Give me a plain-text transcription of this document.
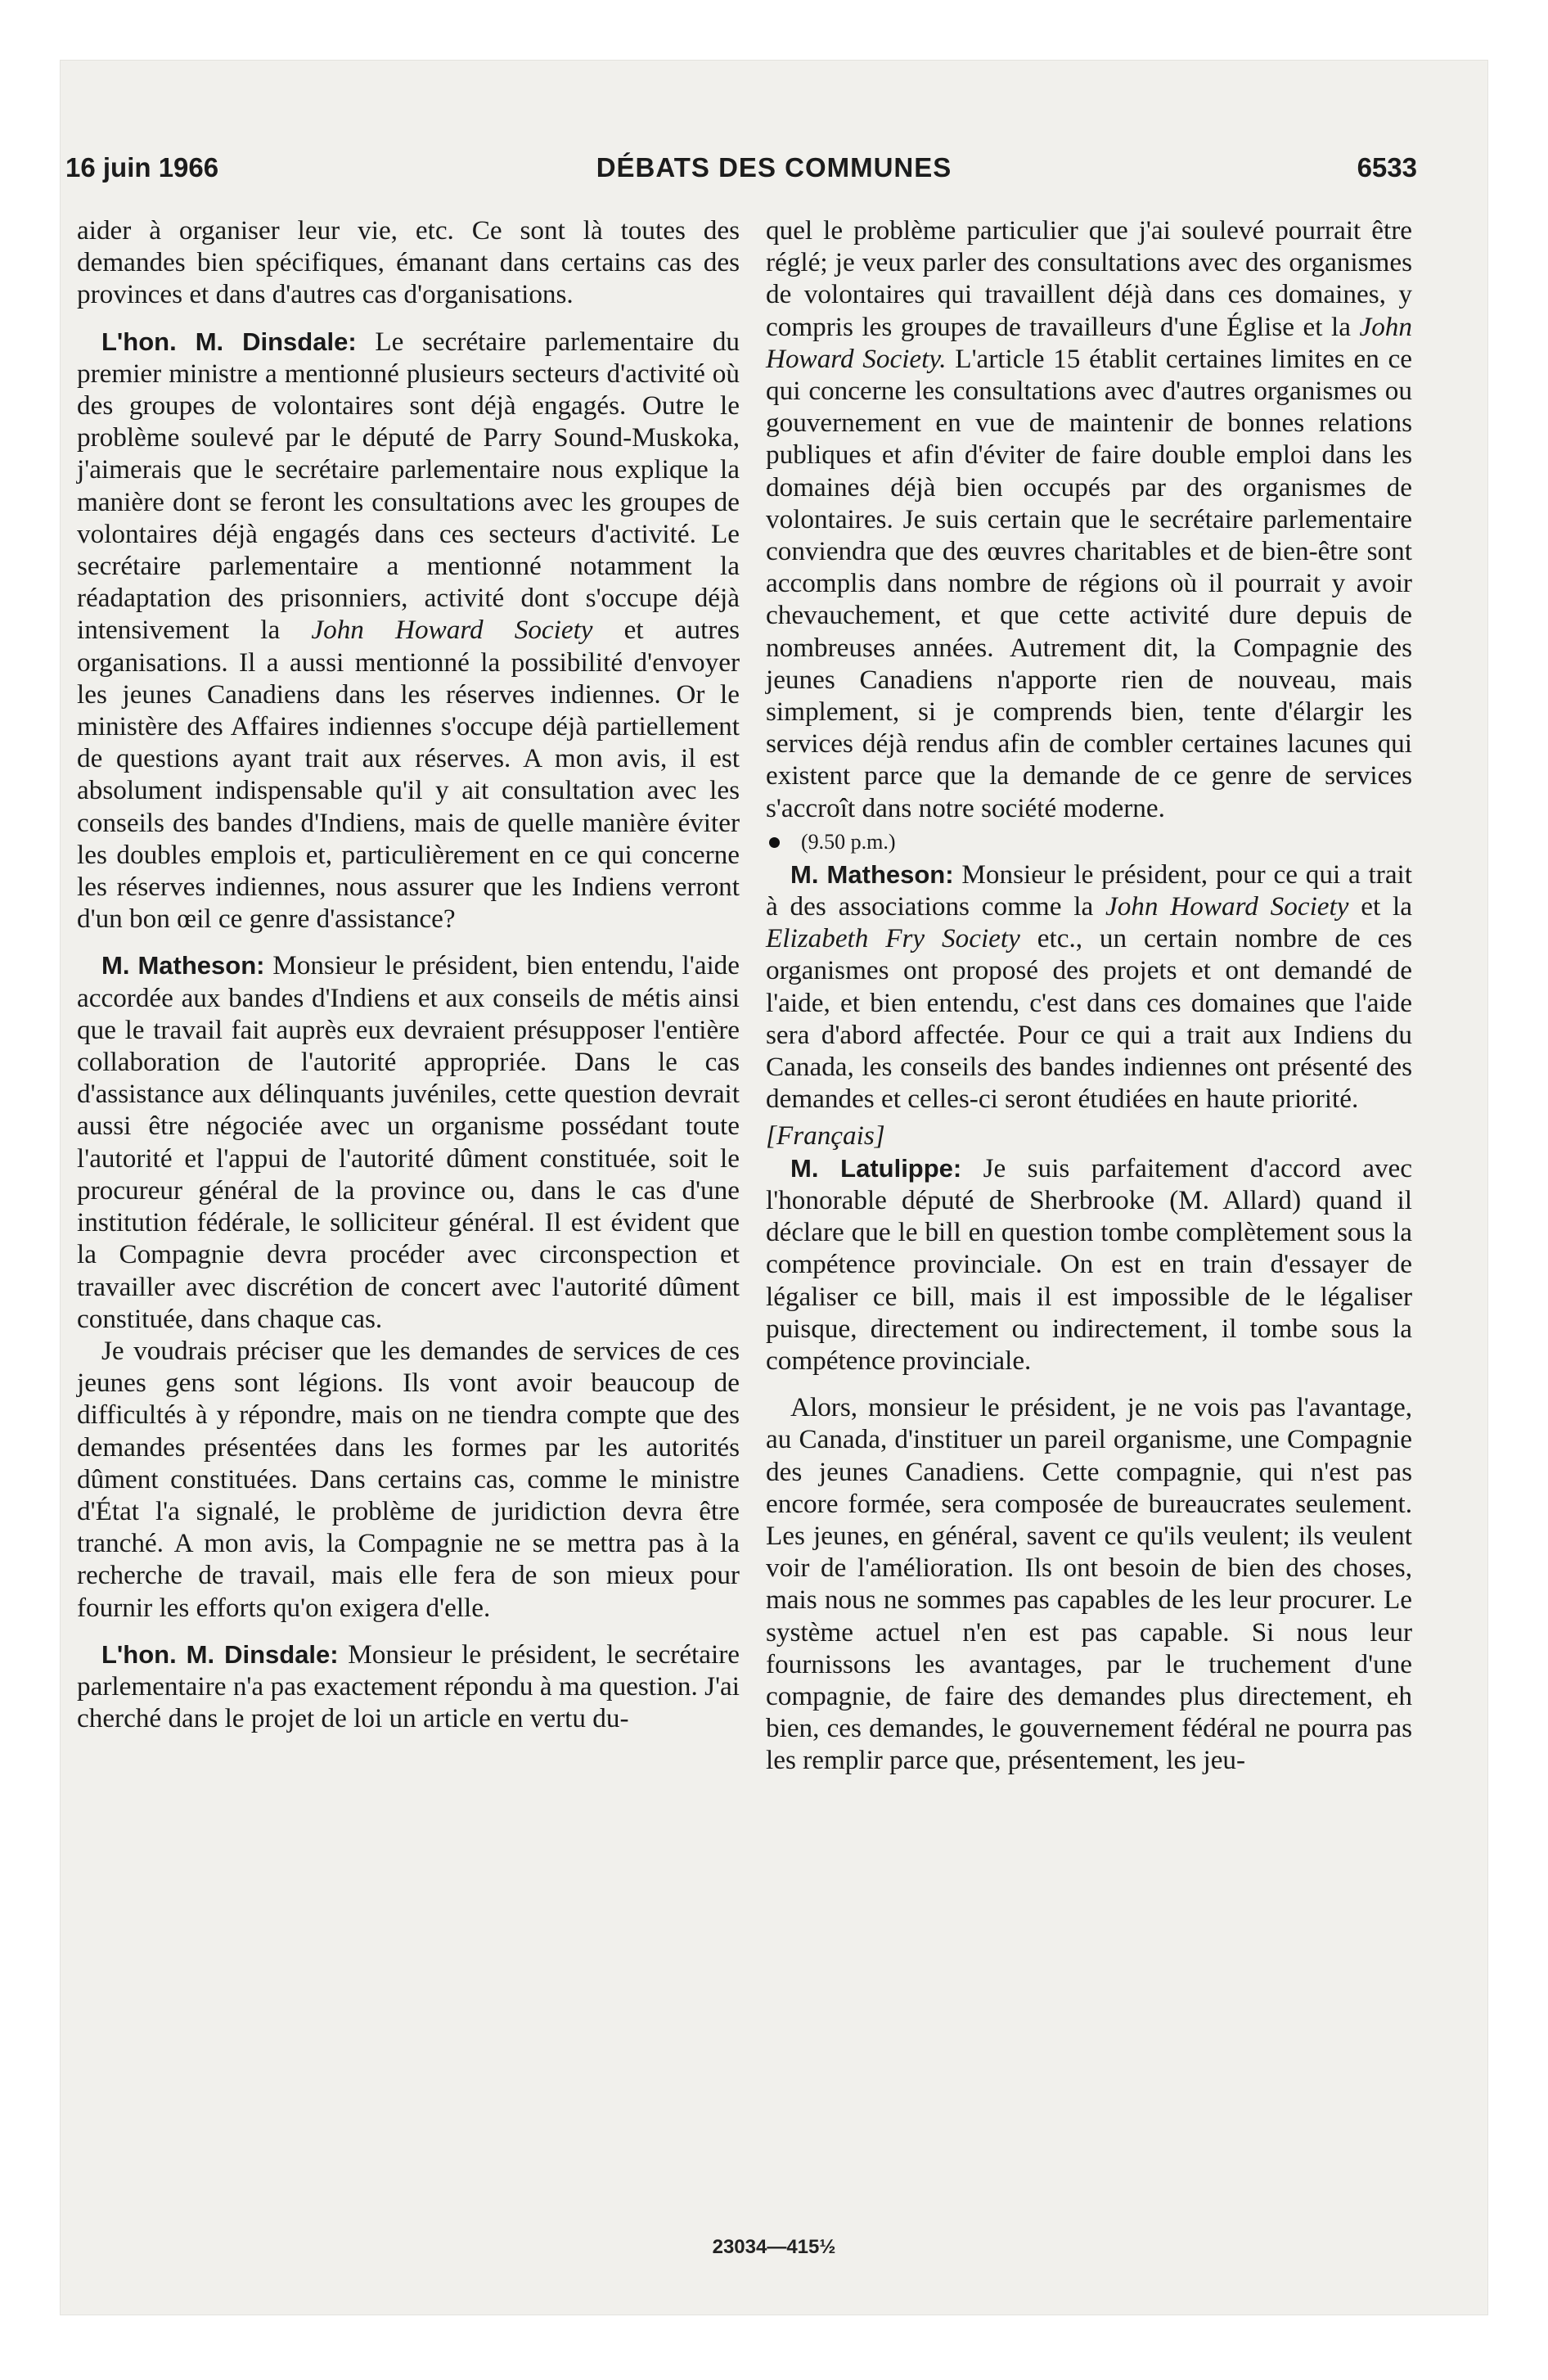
16 juin 1966	DÉBATS DES COMMUNES	6533

aider à organiser leur vie, etc. Ce sont là toutes des demandes bien spécifiques, émanant dans certains cas des provinces et dans d'autres cas d'organisations.

L'hon. M. Dinsdale: Le secrétaire parlementaire du premier ministre a mentionné plusieurs secteurs d'activité où des groupes de volontaires sont déjà engagés. Outre le problème soulevé par le député de Parry Sound-Muskoka, j'aimerais que le secrétaire parlementaire nous explique la manière dont se feront les consultations avec les groupes de volontaires déjà engagés dans ces secteurs d'activité. Le secrétaire parlementaire a mentionné notamment la réadaptation des prisonniers, activité dont s'occupe déjà intensivement la John Howard Society et autres organisations. Il a aussi mentionné la possibilité d'envoyer les jeunes Canadiens dans les réserves indiennes. Or le ministère des Affaires indiennes s'occupe déjà partiellement de questions ayant trait aux réserves. A mon avis, il est absolument indispensable qu'il y ait consultation avec les conseils des bandes d'Indiens, mais de quelle manière éviter les doubles emplois et, particulièrement en ce qui concerne les réserves indiennes, nous assurer que les Indiens verront d'un bon œil ce genre d'assistance?

M. Matheson: Monsieur le président, bien entendu, l'aide accordée aux bandes d'Indiens et aux conseils de métis ainsi que le travail fait auprès eux devraient présupposer l'entière collaboration de l'autorité appropriée. Dans le cas d'assistance aux délinquants juvéniles, cette question devrait aussi être négociée avec un organisme possédant toute l'autorité et l'appui de l'autorité dûment constituée, soit le procureur général de la province ou, dans le cas d'une institution fédérale, le solliciteur général. Il est évident que la Compagnie devra procéder avec circonspection et travailler avec discrétion de concert avec l'autorité dûment constituée, dans chaque cas.

Je voudrais préciser que les demandes de services de ces jeunes gens sont légions. Ils vont avoir beaucoup de difficultés à y répondre, mais on ne tiendra compte que des demandes présentées dans les formes par les autorités dûment constituées. Dans certains cas, comme le ministre d'État l'a signalé, le problème de juridiction devra être tranché. A mon avis, la Compagnie ne se mettra pas à la recherche de travail, mais elle fera de son mieux pour fournir les efforts qu'on exigera d'elle.

L'hon. M. Dinsdale: Monsieur le président, le secrétaire parlementaire n'a pas exactement répondu à ma question. J'ai cherché dans le projet de loi un article en vertu du-

quel le problème particulier que j'ai soulevé pourrait être réglé; je veux parler des consultations avec des organismes de volontaires qui travaillent déjà dans ces domaines, y compris les groupes de travailleurs d'une Église et la John Howard Society. L'article 15 établit certaines limites en ce qui concerne les consultations avec d'autres organismes ou gouvernement en vue de maintenir de bonnes relations publiques et afin d'éviter de faire double emploi dans les domaines déjà bien occupés par des organismes de volontaires. Je suis certain que le secrétaire parlementaire conviendra que des œuvres charitables et de bien-être sont accomplis dans nombre de régions où il pourrait y avoir chevauchement, et que cette activité dure depuis de nombreuses années. Autrement dit, la Compagnie des jeunes Canadiens n'apporte rien de nouveau, mais simplement, si je comprends bien, tente d'élargir les services déjà rendus afin de combler certaines lacunes qui existent parce que la demande de ce genre de services s'accroît dans notre société moderne.

(9.50 p.m.)

M. Matheson: Monsieur le président, pour ce qui a trait à des associations comme la John Howard Society et la Elizabeth Fry Society etc., un certain nombre de ces organismes ont proposé des projets et ont demandé de l'aide, et bien entendu, c'est dans ces domaines que l'aide sera d'abord affectée. Pour ce qui a trait aux Indiens du Canada, les conseils des bandes indiennes ont présenté des demandes et celles-ci seront étudiées en haute priorité.

[Français]

M. Latulippe: Je suis parfaitement d'accord avec l'honorable député de Sherbrooke (M. Allard) quand il déclare que le bill en question tombe complètement sous la compétence provinciale. On est en train d'essayer de légaliser ce bill, mais il est impossible de le légaliser puisque, directement ou indirectement, il tombe sous la compétence provinciale.

Alors, monsieur le président, je ne vois pas l'avantage, au Canada, d'instituer un pareil organisme, une Compagnie des jeunes Canadiens. Cette compagnie, qui n'est pas encore formée, sera composée de bureaucrates seulement. Les jeunes, en général, savent ce qu'ils veulent; ils veulent voir de l'amélioration. Ils ont besoin de bien des choses, mais nous ne sommes pas capables de les leur procurer. Le système actuel n'en est pas capable. Si nous leur fournissons les avantages, par le truchement d'une compagnie, de faire des demandes plus directement, eh bien, ces demandes, le gouvernement fédéral ne pourra pas les remplir parce que, présentement, les jeu-

23034—415½
